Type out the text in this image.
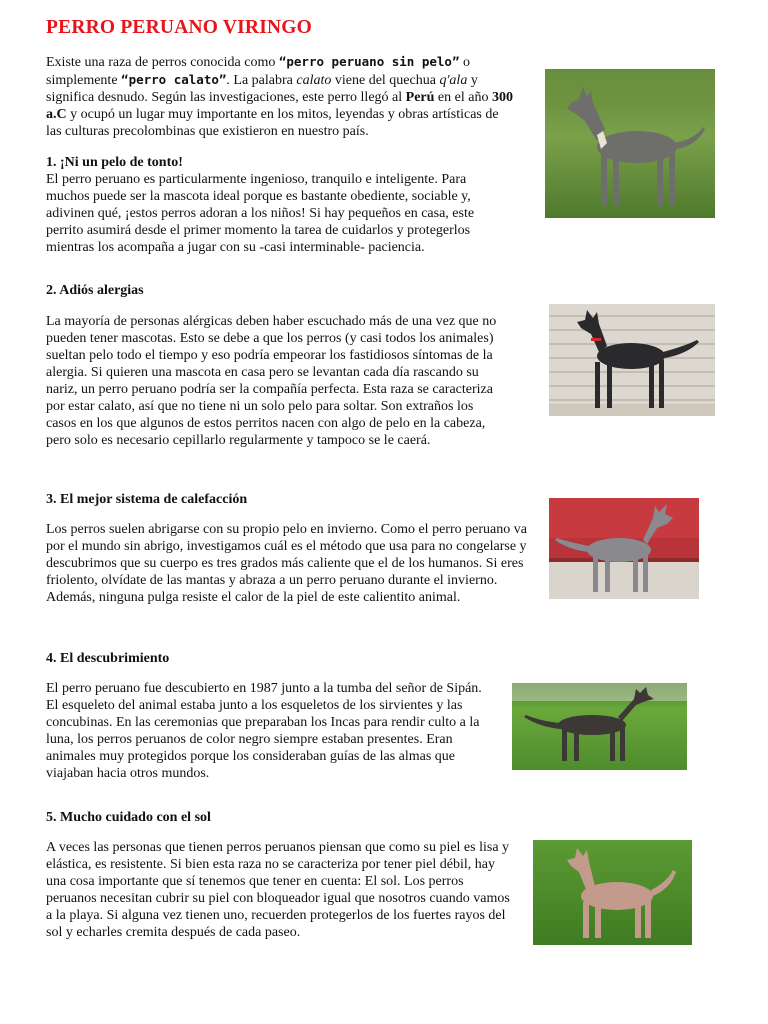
PERRO PERUANO VIRINGO

Existe una raza de perros conocida como “perro peruano sin pelo” o simplemente “perro calato”. La palabra calato viene del quechua q'ala y significa desnudo. Según las investigaciones, este perro llegó al Perú en el año 300 a.C y ocupó un lugar muy importante en los mitos, leyendas y obras artísticas de las culturas precolombinas que existieron en nuestro país.

1. ¡Ni un pelo de tonto!

El perro peruano es particularmente ingenioso, tranquilo e inteligente. Para muchos puede ser la mascota ideal porque es bastante obediente, sociable y, adivinen qué, ¡estos perros adoran a los niños! Si hay pequeños en casa, este perrito asumirá desde el primer momento la tarea de cuidarlos y protegerlos mientras los acompaña a jugar con su -casi interminable- paciencia.

2. Adiós alergias

La mayoría de personas alérgicas deben haber escuchado más de una vez que no pueden tener mascotas. Esto se debe a que los perros (y casi todos los animales) sueltan pelo todo el tiempo y eso podría empeorar los fastidiosos síntomas de la alergia. Si quieren una mascota en casa pero se levantan cada día rascando su nariz, un perro peruano podría ser la compañía perfecta. Esta raza se caracteriza por estar calato, así que no tiene ni un solo pelo para soltar. Son extraños los casos en los que algunos de estos perritos nacen con algo de pelo en la cabeza, pero solo es necesario cepillarlo regularmente y tampoco se le caerá.

3. El mejor sistema de calefacción

Los perros suelen abrigarse con su propio pelo en invierno. Como el perro peruano va por el mundo sin abrigo, investigamos cuál es el método que usa para no congelarse y descubrimos que su cuerpo es tres grados más caliente que el de los humanos. Si eres friolento, olvídate de las mantas y abraza a un perro peruano durante el invierno. Además, ninguna pulga resiste el calor de la piel de este calientito animal.

4. El descubrimiento

El perro peruano fue descubierto en 1987 junto a la tumba del señor de Sipán. El esqueleto del animal estaba junto a los esqueletos de los sirvientes y las concubinas. En las ceremonias que preparaban los Incas para rendir culto a la luna, los perros peruanos de color negro siempre estaban presentes. Eran animales muy protegidos porque los consideraban guías de las almas que viajaban hacia otros mundos.

5. Mucho cuidado con el sol

A veces las personas que tienen perros peruanos piensan que como su piel es lisa y elástica, es resistente. Si bien esta raza no se caracteriza por tener piel débil, hay una cosa importante que sí tenemos que tener en cuenta: El sol. Los perros peruanos necesitan cubrir su piel con bloqueador igual que nosotros cuando vamos a la playa. Si alguna vez tienen uno, recuerden protegerlos de los fuertes rayos del sol y echarles cremita después de cada paseo.
